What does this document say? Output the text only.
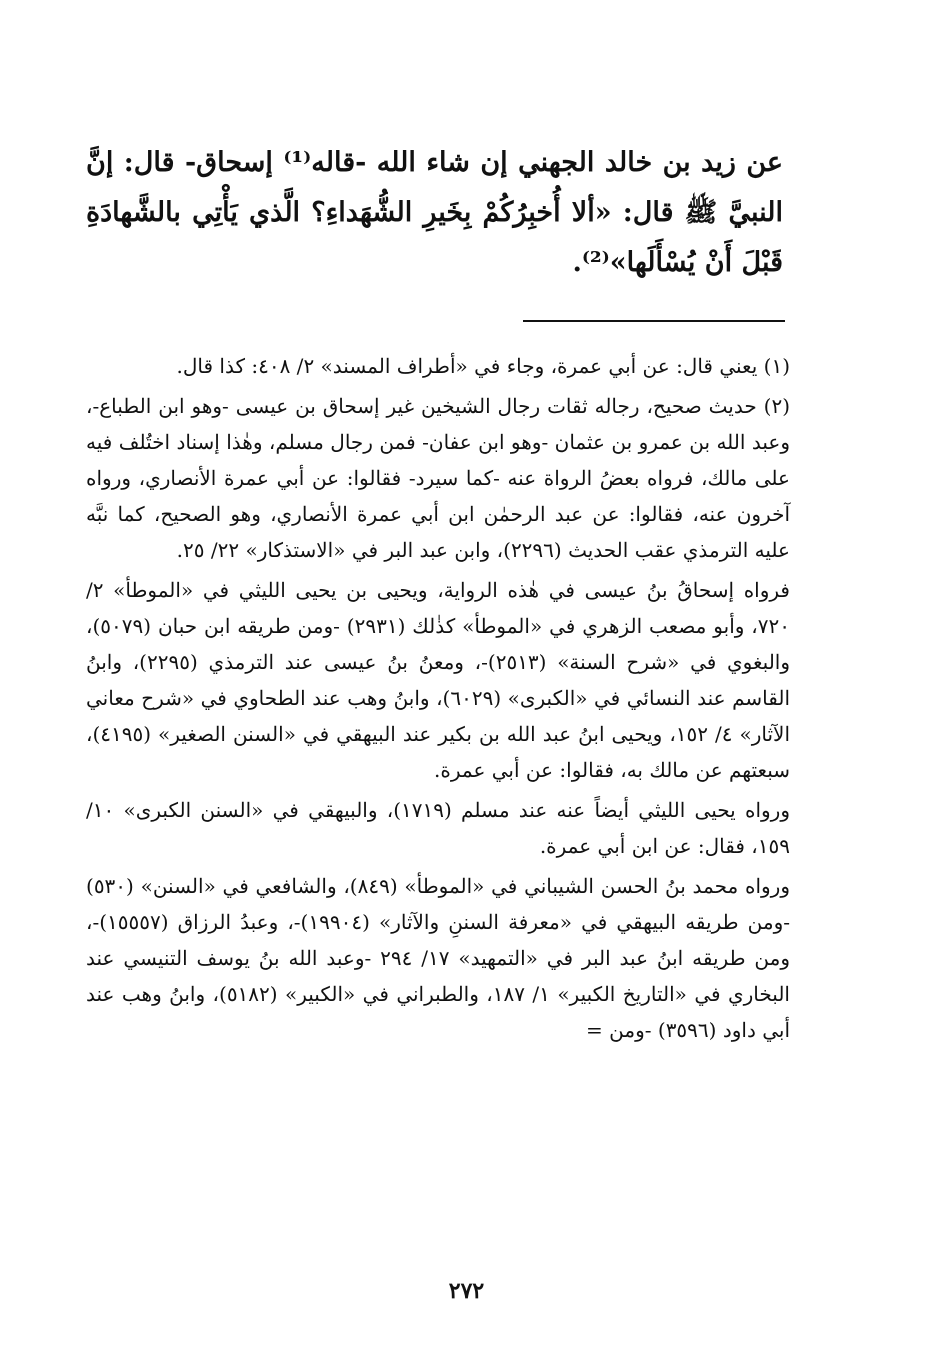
عن زيد بن خالد الجهني إن شاء الله -قاله⁽¹⁾ إسحاق- قال: إنَّ النبيَّ ﷺ قال: «ألا أُخبِرُكُمْ بِخَيرِ الشُّهَداءِ؟ الَّذي يَأْتِي بالشَّهادَةِ قَبْلَ أَنْ يُسْأَلَها»⁽²⁾.

(١) يعني قال: عن أبي عمرة، وجاء في «أطراف المسند» ٢/ ٤٠٨: كذا قال.

(٢) حديث صحيح، رجاله ثقات رجال الشيخين غير إسحاق بن عيسى -وهو ابن الطباع-، وعبد الله بن عمرو بن عثمان -وهو ابن عفان- فمن رجال مسلم، وهٰذا إسناد اختُلف فيه على مالك، فرواه بعضُ الرواة عنه -كما سيرد- فقالوا: عن أبي عمرة الأنصاري، ورواه آخرون عنه، فقالوا: عن عبد الرحمٰن ابن أبي عمرة الأنصاري، وهو الصحيح، كما نبَّه عليه الترمذي عقب الحديث (٢٢٩٦)، وابن عبد البر في «الاستذكار» ٢٢/ ٢٥.

فرواه إسحاقُ بنُ عيسى في هٰذه الرواية، ويحيى بن يحيى الليثي في «الموطأ» ٢/ ٧٢٠، وأبو مصعب الزهري في «الموطأ» كذٰلك (٢٩٣١) -ومن طريقه ابن حبان (٥٠٧٩)، والبغوي في «شرح السنة» (٢٥١٣)-، ومعنُ بنُ عيسى عند الترمذي (٢٢٩٥)، وابنُ القاسم عند النسائي في «الكبرى» (٦٠٢٩)، وابنُ وهب عند الطحاوي في «شرح معاني الآثار» ٤/ ١٥٢، ويحيى ابنُ عبد الله بن بكير عند البيهقي في «السنن الصغير» (٤١٩٥)، سبعتهم عن مالك به، فقالوا: عن أبي عمرة.

ورواه يحيى الليثي أيضاً عنه عند مسلم (١٧١٩)، والبيهقي في «السنن الكبرى» ١٠/ ١٥٩، فقال: عن ابن أبي عمرة.

ورواه محمد بنُ الحسن الشيباني في «الموطأ» (٨٤٩)، والشافعي في «السنن» (٥٣٠) -ومن طريقه البيهقي في «معرفة السننِ والآثار» (١٩٩٠٤)-، وعبدُ الرزاق (١٥٥٥٧)-، ومن طريقه ابنُ عبد البر في «التمهيد» ١٧/ ٢٩٤ -وعبد الله بنُ يوسف التنيسي عند البخاري في «التاريخ الكبير» ١/ ١٨٧، والطبراني في «الكبير» (٥١٨٢)، وابنُ وهب عند أبي داود (٣٥٩٦) -ومن =

٢٧٢
